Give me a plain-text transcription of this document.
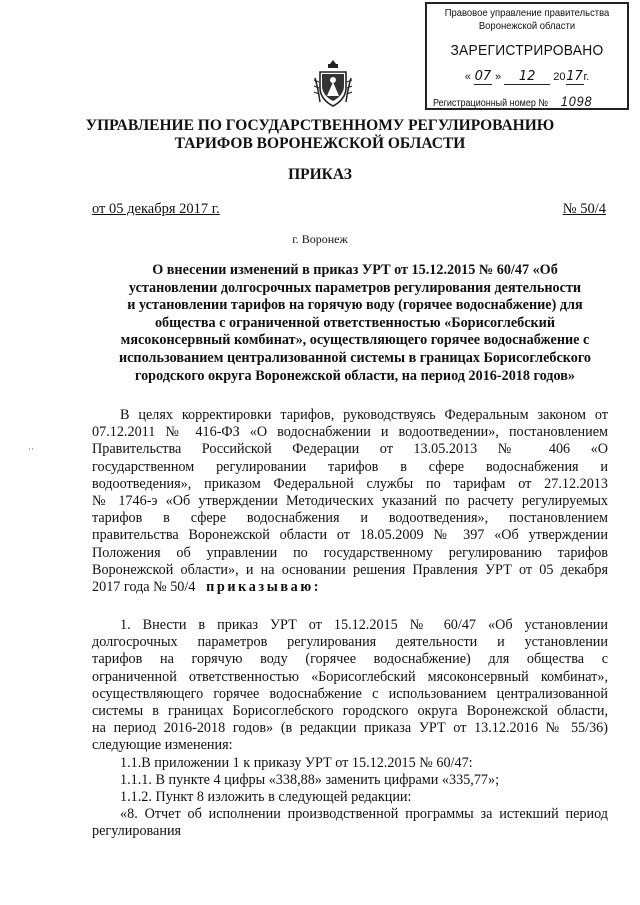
Правовое управление правительства
Воронежской области
ЗАРЕГИСТРИРОВАНО
« 07 » 12 2017г.
Регистрационный номер № 1098
УПРАВЛЕНИЕ ПО ГОСУДАРСТВЕННОМУ РЕГУЛИРОВАНИЮ
ТАРИФОВ ВОРОНЕЖСКОЙ ОБЛАСТИ
ПРИКАЗ
от 05 декабря 2017 г.	№ 50/4
г. Воронеж
О внесении изменений в приказ УРТ от 15.12.2015 № 60/47 «Об
установлении долгосрочных параметров регулирования деятельности
и установлении тарифов на горячую воду (горячее водоснабжение) для
общества с ограниченной ответственностью «Борисоглебский
мясоконсервный комбинат», осуществляющего горячее водоснабжение с
использованием централизованной системы в границах Борисоглебского
городского округа Воронежской области, на период 2016-2018 годов»
··
В целях корректировки тарифов, руководствуясь Федеральным законом от
07.12.2011 № 416-ФЗ «О водоснабжении и водоотведении», постановлением
Правительства Российской Федерации от 13.05.2013 № 406 «О
государственном регулировании тарифов в сфере водоснабжения и
водоотведения», приказом Федеральной службы по тарифам от 27.12.2013
№ 1746-э «Об утверждении Методических указаний по расчету регулируемых
тарифов в сфере водоснабжения и водоотведения», постановлением
правительства Воронежской области от 18.05.2009 № 397 «Об утверждении
Положения об управлении по государственному регулированию тарифов
Воронежской области», и на основании решения Правления УРТ от 05 декабря
2017 года № 50/4 приказываю:
1. Внести в приказ УРТ от 15.12.2015 № 60/47 «Об установлении
долгосрочных параметров регулирования деятельности и установлении
тарифов на горячую воду (горячее водоснабжение) для общества с
ограниченной ответственностью «Борисоглебский мясоконсервный комбинат»,
осуществляющего горячее водоснабжение с использованием централизованной
системы в границах Борисоглебского городского округа Воронежской области,
на период 2016-2018 годов» (в редакции приказа УРТ от 13.12.2016 № 55/36)
следующие изменения:
1.1.В приложении 1 к приказу УРТ от 15.12.2015 № 60/47:
1.1.1. В пункте 4 цифры «338,88» заменить цифрами «335,77»;
1.1.2. Пункт 8 изложить в следующей редакции:
«8. Отчет об исполнении производственной программы за истекший период
регулирования
